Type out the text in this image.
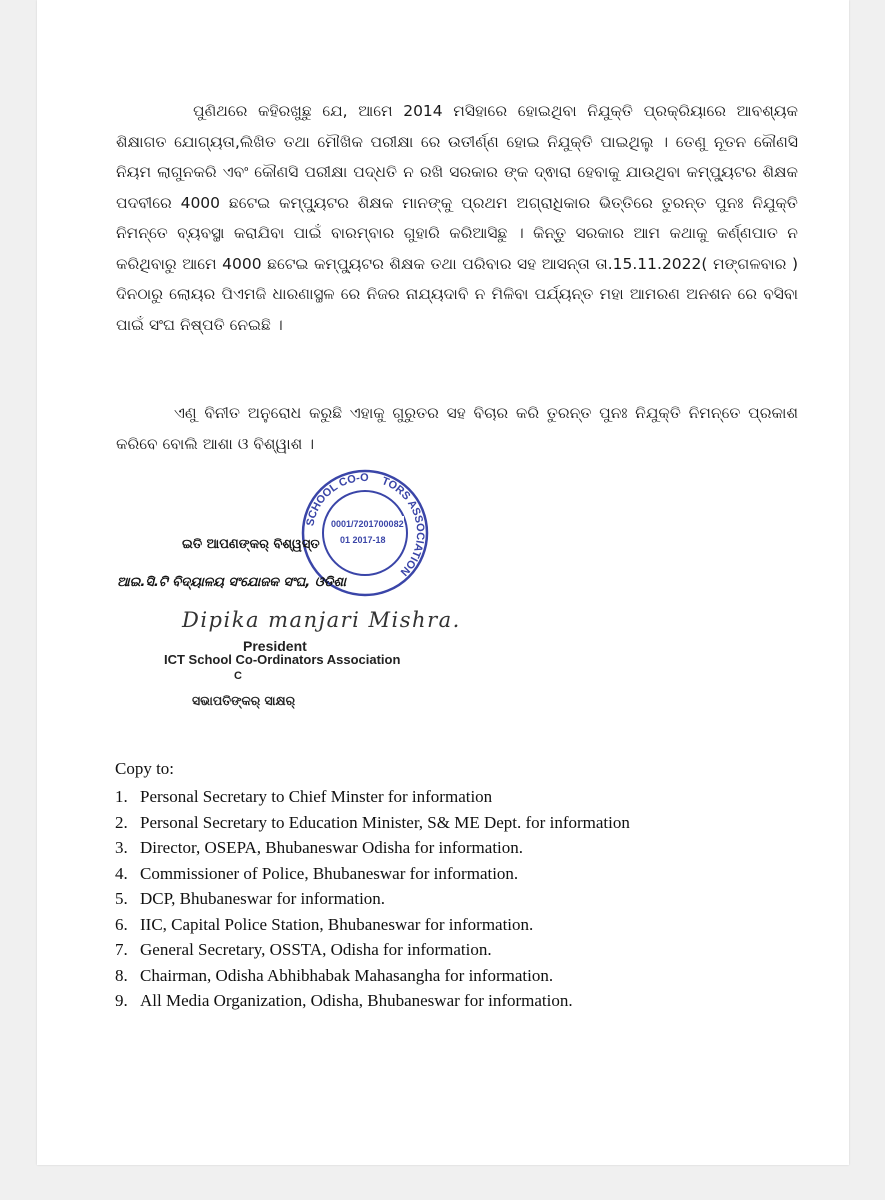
ପୁଣିଥରେ କହିରଖୁଛୁ ଯେ, ଆମେ 2014 ମସିହାରେ ହୋଇଥିବା ନିଯୁକ୍ତି ପ୍ରକ୍ରିୟାରେ ଆବଶ୍ୟକ ଶିକ୍ଷାଗତ ଯୋଗ୍ୟତା,ଲିଖିତ ତଥା ମୌଖିକ ପରୀକ୍ଷା ରେ ଉତୀର୍ଣ୍ଣ ହୋଇ ନିଯୁକ୍ତି ପାଇଥିଲୁ । ତେଣୁ ନୂତନ କୌଣସି ନିୟମ ଲାଗୁନକରି ଏବଂ କୌଣସି ପରୀକ୍ଷା ପଦ୍ଧତି ନ ରଖି ସରକାର ଙ୍କ ଦ୍ଵାରା ହେବାକୁ ଯାଉଥିବା କମ୍ପ୍ୟୁଟର ଶିକ୍ଷକ ପଦବୀରେ 4000 ଛଟେଇ କମ୍ପ୍ୟୁଟର ଶିକ୍ଷକ ମାନଙ୍କୁ ପ୍ରଥମ ଅଗ୍ରାଧିକାର ଭିତ୍ତିରେ ତୁରନ୍ତ ପୁନଃ ନିଯୁକ୍ତି ନିମନ୍ତେ ବ୍ୟବସ୍ଥା କରାଯିବା ପାଇଁ ବାରମ୍ବାର ଗୁହାରି କରିଆସିଛୁ । କିନ୍ତୁ ସରକାର ଆମ କଥାକୁ କର୍ଣ୍ଣପାତ ନ କରିଥିବାରୁ ଆମେ 4000 ଛଟେଇ କମ୍ପ୍ୟୁଟର ଶିକ୍ଷକ ତଥା ପରିବାର ସହ ଆସନ୍ତା ତା.15.11.2022( ମଙ୍ଗଳବାର ) ଦିନଠାରୁ ଲୋୟର ପିଏମଜି ଧାରଣାସ୍ଥଳ ରେ ନିଜର ନାଯ୍ୟଦାବି ନ ମିଳିବା ପର୍ଯ୍ୟନ୍ତ ମହା ଆମରଣ ଅନଶନ ରେ ବସିବା ପାଇଁ ସଂଘ ନିଷ୍ପତି ନେଇଛି ।

ଏଣୁ ବିନୀତ ଅନୁରୋଧ କରୁଛି ଏହାକୁ ଗୁରୁତର ସହ ବିଚାର କରି ତୁରନ୍ତ ପୁନଃ ନିଯୁକ୍ତି ନିମନ୍ତେ ପ୍ରକାଶ କରିବେ ବୋଲି ଆଶା ଓ ବିଶ୍ୱାଶ ।

SCHOOL CO-O TORS ASSOCIATION
0001/7201700082
01 2017-18
ଇତି ଆପଣଙ୍କର୍ ବିଶ୍ୱସ୍ତ
ଆଇ.ସି.ଟି ବିଦ୍ୟାଳୟ ସଂଯୋଜକ ସଂଘ, ଓଡିଶା
Dipika manjari Mishra.
President
ICT School Co-Ordinators Association
C
ସଭାପତିଙ୍କର୍ ସାକ୍ଷର୍
Copy to:
1. Personal Secretary to Chief Minster for information
2. Personal Secretary to Education Minister, S& ME Dept. for information
3. Director, OSEPA, Bhubaneswar Odisha for information.
4. Commissioner of Police, Bhubaneswar for information.
5. DCP, Bhubaneswar for information.
6. IIC, Capital Police Station, Bhubaneswar for information.
7. General Secretary, OSSTA, Odisha for information.
8. Chairman, Odisha Abhibhabak Mahasangha for information.
9. All Media Organization, Odisha, Bhubaneswar for information.
